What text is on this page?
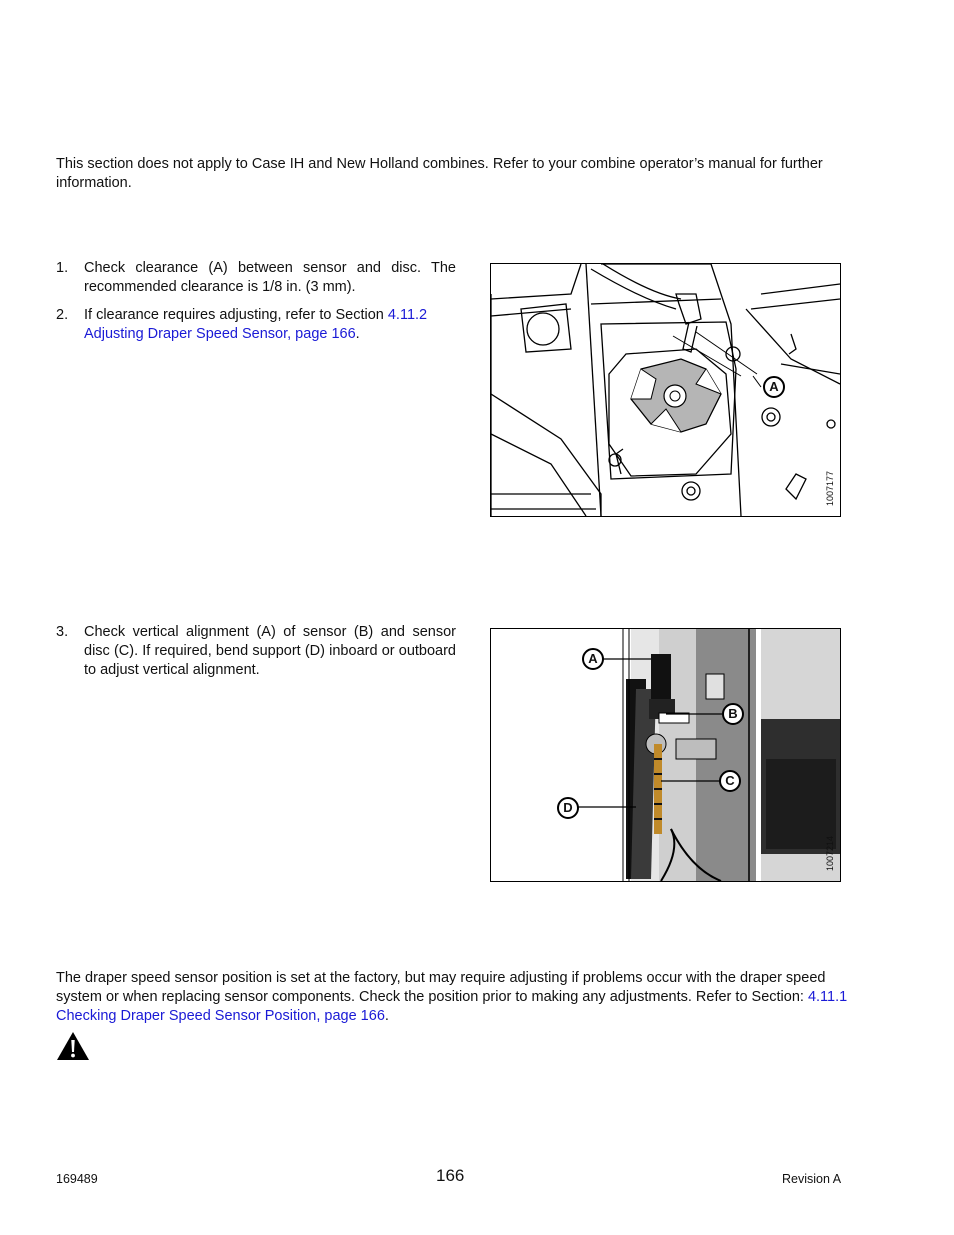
This section does not apply to Case IH and New Holland combines. Refer to your combine operator’s manual for further information.
1. Check clearance (A) between sensor and disc. The recommended clearance is 1/8 in. (3 mm).
2. If clearance requires adjusting, refer to Section 4.11.2 Adjusting Draper Speed Sensor, page 166.
A
1007177
3. Check vertical alignment (A) of sensor (B) and sensor disc (C). If required, bend support (D) inboard or outboard to adjust vertical alignment.
A
B
C
D
1007214
The draper speed sensor position is set at the factory, but may require adjusting if problems occur with the draper speed system or when replacing sensor components. Check the position prior to making any adjustments. Refer to Section: 4.11.1 Checking Draper Speed Sensor Position, page 166.
169489	166	Revision A
